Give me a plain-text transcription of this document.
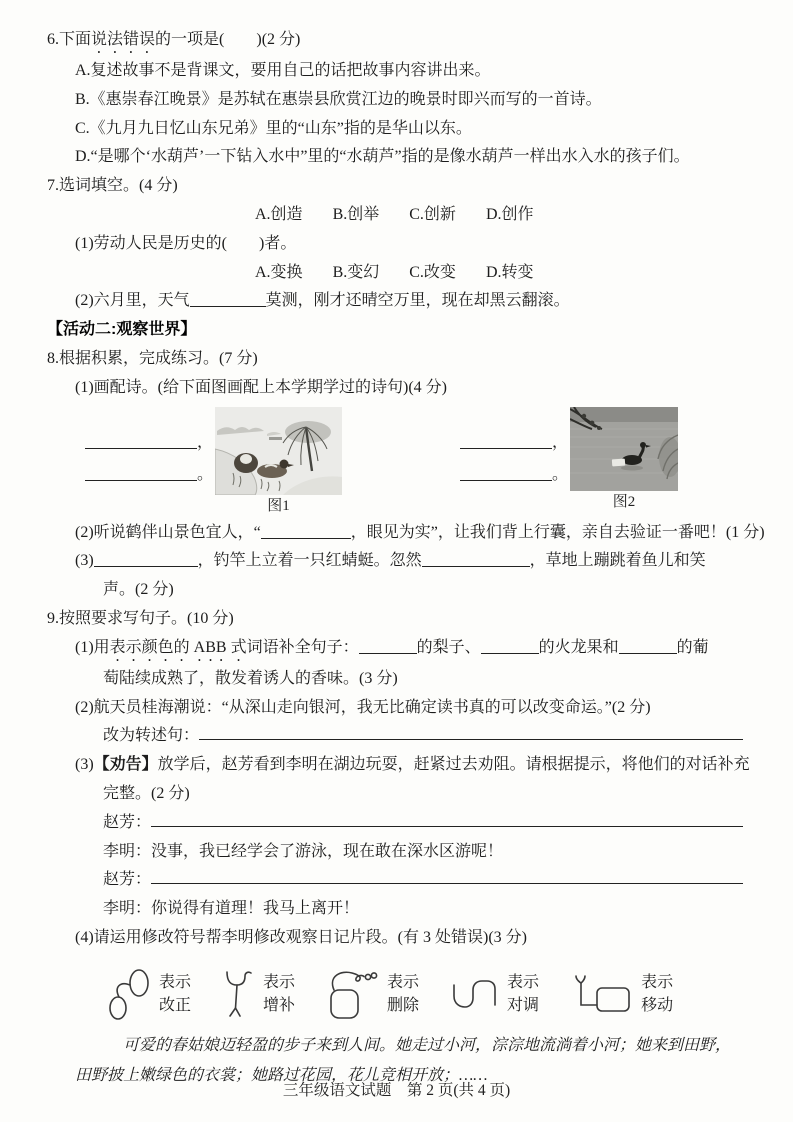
6.下面说法错误的一项是(　　)(2 分)
A.复述故事不是背课文，要用自己的话把故事内容讲出来。
B.《惠崇春江晚景》是苏轼在惠崇县欣赏江边的晚景时即兴而写的一首诗。
C.《九月九日忆山东兄弟》里的“山东”指的是华山以东。
D.“是哪个‘水葫芦’一下钻入水中”里的“水葫芦”指的是像水葫芦一样出水入水的孩子们。
7.选词填空。(4 分)
A.创造 B.创举 C.创新 D.创作
(1)劳动人民是历史的(　　)者。
A.变换 B.变幻 C.改变 D.转变
(2)六月里，天气	莫测，刚才还晴空万里，现在却黑云翻滚。
【活动二:观察世界】
8.根据积累，完成练习。(7 分)
(1)画配诗。(给下面图画配上本学期学过的诗句)(4 分)
，
。
图1
，
。
图2
(2)听说鹤伴山景色宜人，“	，眼见为实”，让我们背上行囊，亲自去验证一番吧！(1 分)
(3)	，钓竿上立着一只红蜻蜓。忽然	，草地上蹦跳着鱼儿和笑
声。(2 分)
9.按照要求写句子。(10 分)
(1)用表示颜色的 ABB 式词语补全句子：	的梨子、	的火龙果和	的葡
萄陆续成熟了，散发着诱人的香味。(3 分)
(2)航天员桂海潮说：“从深山走向银河，我无比确定读书真的可以改变命运。”(2 分)
改为转述句：
(3)【劝告】放学后，赵芳看到李明在湖边玩耍，赶紧过去劝阻。请根据提示，将他们的对话补充
完整。(2 分)
赵芳：
李明：没事，我已经学会了游泳，现在敢在深水区游呢！
赵芳：
李明：你说得有道理！我马上离开！
(4)请运用修改符号帮李明修改观察日记片段。(有 3 处错误)(3 分)
表示
改正
表示
增补
表示
删除
表示
对调
表示
移动
可爱的春姑娘迈轻盈的步子来到人间。她走过小河，淙淙地流淌着小河；她来到田野，
田野披上嫩绿色的衣裳；她路过花园，花儿竞相开放；……
三年级语文试题　第 2 页(共 4 页)
